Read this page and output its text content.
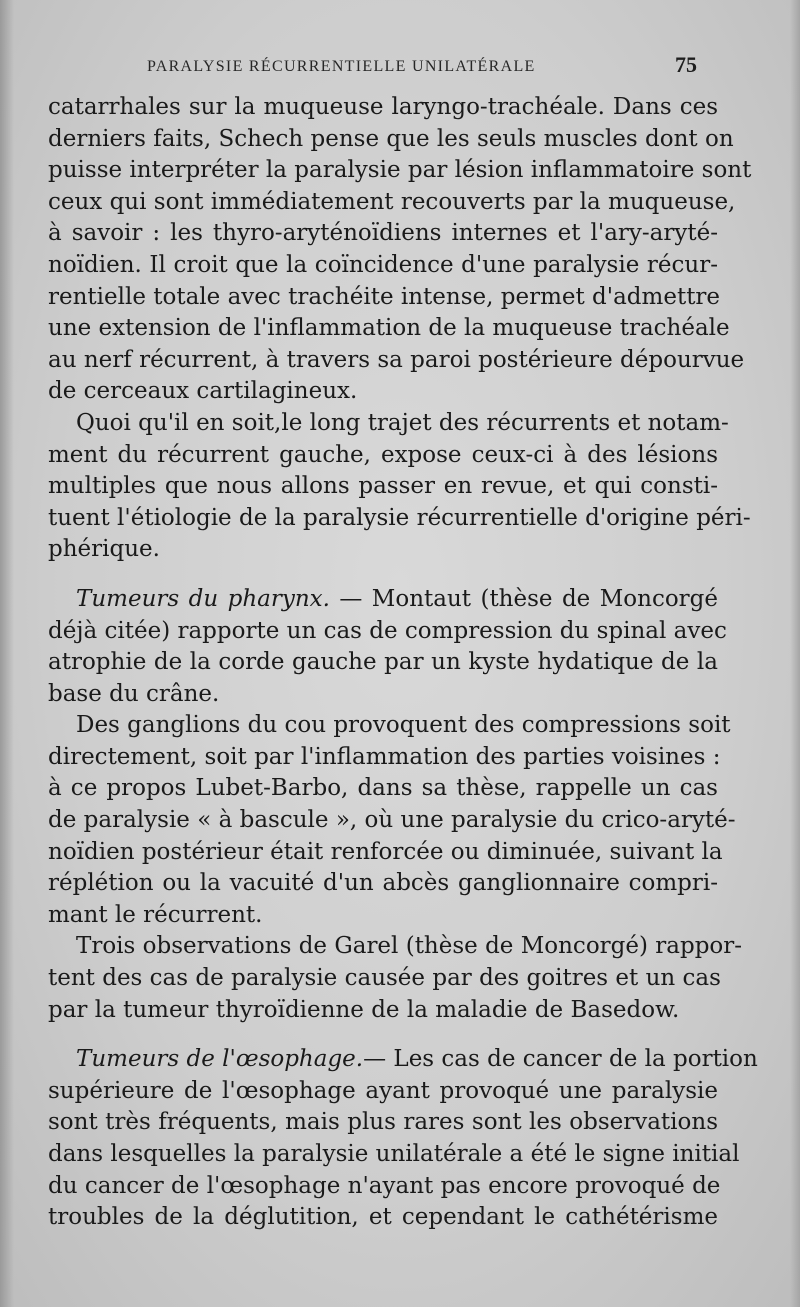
PARALYSIE RÉCURRENTIELLE UNILATÉRALE	75
catarrhales sur la muqueuse laryngo-trachéale. Dans ces
derniers faits, Schech pense que les seuls muscles dont on
puisse interpréter la paralysie par lésion inflammatoire sont
ceux qui sont immédiatement recouverts par la muqueuse,
à savoir : les thyro-aryténoïdiens internes et l'ary-aryté-
noïdien. Il croit que la coïncidence d'une paralysie récur-
rentielle totale avec trachéite intense, permet d'admettre
une extension de l'inflammation de la muqueuse trachéale
au nerf récurrent, à travers sa paroi postérieure dépourvue
de cerceaux cartilagineux.
Quoi qu'il en soit,le long trajet des récurrents et notam-
ment du récurrent gauche, expose ceux-ci à des lésions
multiples que nous allons passer en revue, et qui consti-
tuent l'étiologie de la paralysie récurrentielle d'origine péri-
phérique.
Tumeurs du pharynx. — Montaut (thèse de Moncorgé
déjà citée) rapporte un cas de compression du spinal avec
atrophie de la corde gauche par un kyste hydatique de la
base du crâne.
Des ganglions du cou provoquent des compressions soit
directement, soit par l'inflammation des parties voisines :
à ce propos Lubet-Barbo, dans sa thèse, rappelle un cas
de paralysie « à bascule », où une paralysie du crico-aryté-
noïdien postérieur était renforcée ou diminuée, suivant la
réplétion ou la vacuité d'un abcès ganglionnaire compri-
mant le récurrent.
Trois observations de Garel (thèse de Moncorgé) rappor-
tent des cas de paralysie causée par des goitres et un cas
par la tumeur thyroïdienne de la maladie de Basedow.
Tumeurs de l'œsophage.— Les cas de cancer de la portion
supérieure de l'œsophage ayant provoqué une paralysie
sont très fréquents, mais plus rares sont les observations
dans lesquelles la paralysie unilatérale a été le signe initial
du cancer de l'œsophage n'ayant pas encore provoqué de
troubles de la déglutition, et cependant le cathétérisme
